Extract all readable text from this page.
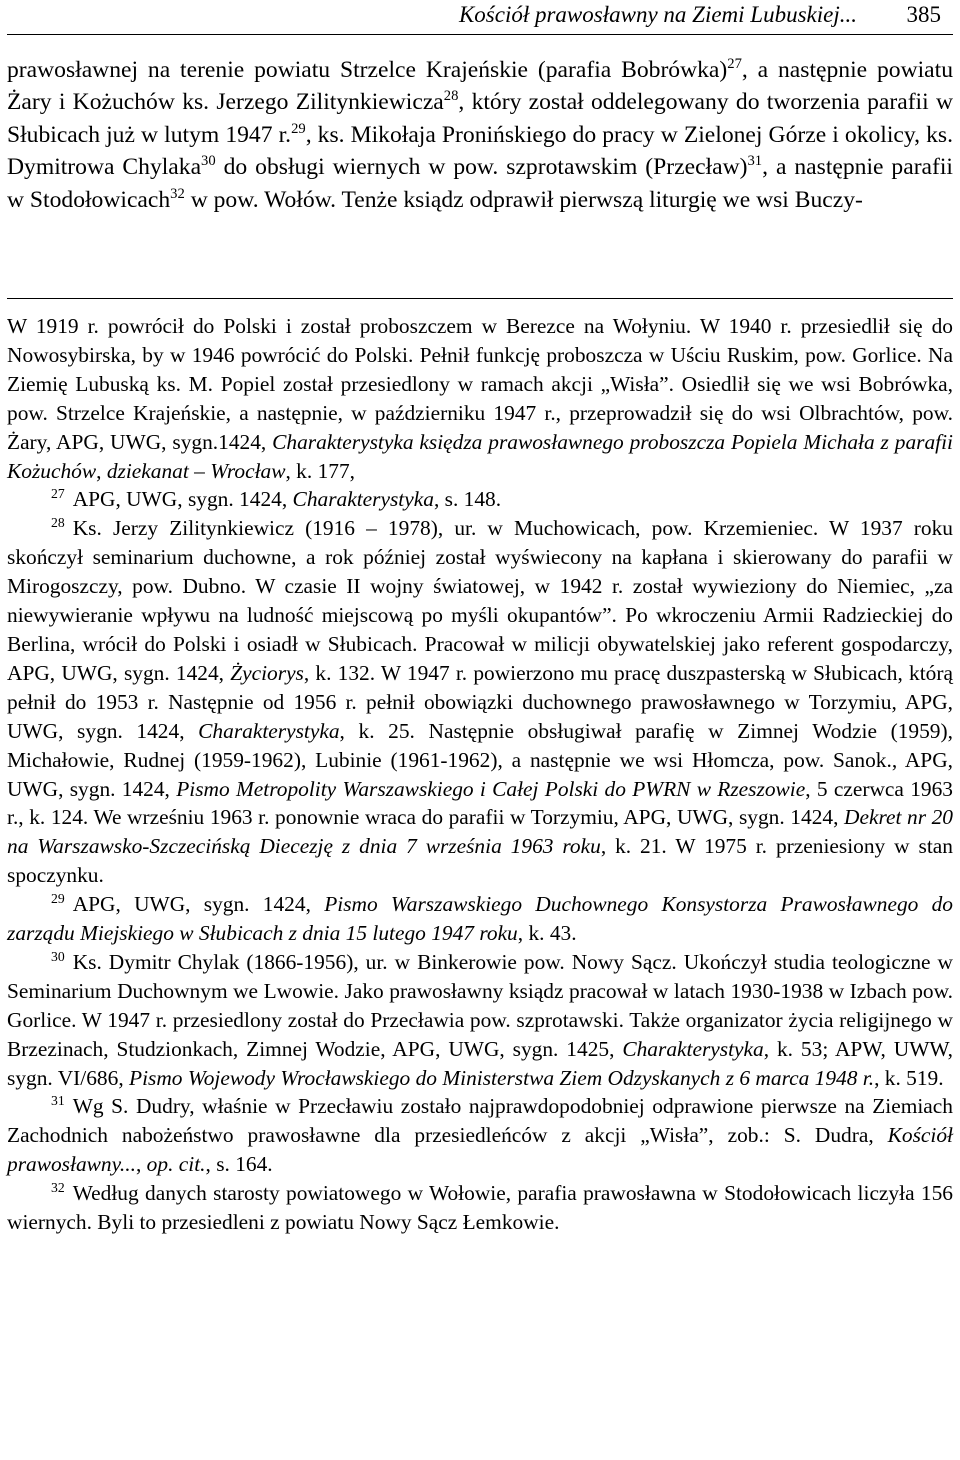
Kościół prawosławny na Ziemi Lubuskiej... 385
prawosławnej na terenie powiatu Strzelce Krajeńskie (parafia Bobrówka)$^{27}$, a następnie powiatu Żary i Kożuchów ks. Jerzego Zilitynkiewicza$^{28}$, który został oddelegowany do tworzenia parafii w Słubicach już w lutym 1947 r.$^{29}$, ks. Mikołaja Pronińskiego do pracy w Zielonej Górze i okolicy, ks. Dymitrowa Chylaka$^{30}$ do obsługi wiernych w pow. szprotawskim (Przecław)$^{31}$, a następnie parafii w Stodołowicach$^{32}$ w pow. Wołów. Tenże ksiądz odprawił pierwszą liturgię we wsi Buczy-

W 1919 r. powrócił do Polski i został proboszczem w Berezce na Wołyniu. W 1940 r. przesiedlił się do Nowosybirska, by w 1946 powrócić do Polski. Pełnił funkcję proboszcza w Uściu Ruskim, pow. Gorlice. Na Ziemię Lubuską ks. M. Popiel został przesiedlony w ramach akcji „Wisła”. Osiedlił się we wsi Bobrówka, pow. Strzelce Krajeńskie, a następnie, w październiku 1947 r., przeprowadził się do wsi Olbrachtów, pow. Żary, APG, UWG, sygn.1424, Charakterystyka księdza prawosławnego proboszcza Popiela Michała z parafii Kożuchów, dziekanat – Wrocław, k. 177,

$^{27}$ APG, UWG, sygn. 1424, Charakterystyka, s. 148.

$^{28}$ Ks. Jerzy Zilitynkiewicz (1916 – 1978), ur. w Muchowicach, pow. Krzemieniec. W 1937 roku skończył seminarium duchowne, a rok później został wyświecony na kapłana i skierowany do parafii w Mirogoszczy, pow. Dubno. W czasie II wojny światowej, w 1942 r. został wywieziony do Niemiec, „za niewywieranie wpływu na ludność miejscową po myśli okupantów”. Po wkroczeniu Armii Radzieckiej do Berlina, wrócił do Polski i osiadł w Słubicach. Pracował w milicji obywatelskiej jako referent gospodarczy, APG, UWG, sygn. 1424, Życiorys, k. 132. W 1947 r. powierzono mu pracę duszpasterską w Słubicach, którą pełnił do 1953 r. Następnie od 1956 r. pełnił obowiązki duchownego prawosławnego w Torzymiu, APG, UWG, sygn. 1424, Charakterystyka, k. 25. Następnie obsługiwał parafię w Zimnej Wodzie (1959), Michałowie, Rudnej (1959-1962), Lubinie (1961-1962), a następnie we wsi Hłomcza, pow. Sanok., APG, UWG, sygn. 1424, Pismo Metropolity Warszawskiego i Całej Polski do PWRN w Rzeszowie, 5 czerwca 1963 r., k. 124. We wrześniu 1963 r. ponownie wraca do parafii w Torzymiu, APG, UWG, sygn. 1424, Dekret nr 20 na Warszawsko-Szczecińską Diecezję z dnia 7 września 1963 roku, k. 21. W 1975 r. przeniesiony w stan spoczynku.

$^{29}$ APG, UWG, sygn. 1424, Pismo Warszawskiego Duchownego Konsystorza Prawosławnego do zarządu Miejskiego w Słubicach z dnia 15 lutego 1947 roku, k. 43.

$^{30}$ Ks. Dymitr Chylak (1866-1956), ur. w Binkerowie pow. Nowy Sącz. Ukończył studia teologiczne w Seminarium Duchownym we Lwowie. Jako prawosławny ksiądz pracował w latach 1930-1938 w Izbach pow. Gorlice. W 1947 r. przesiedlony został do Przecławia pow. szprotawski. Także organizator życia religijnego w Brzezinach, Studzionkach, Zimnej Wodzie, APG, UWG, sygn. 1425, Charakterystyka, k. 53; APW, UWW, sygn. VI/686, Pismo Wojewody Wrocławskiego do Ministerstwa Ziem Odzyskanych z 6 marca 1948 r., k. 519.

$^{31}$ Wg S. Dudry, właśnie w Przecławiu zostało najprawdopodobniej odprawione pierwsze na Ziemiach Zachodnich nabożeństwo prawosławne dla przesiedleńców z akcji „Wisła”, zob.: S. Dudra, Kościół prawosławny..., op. cit., s. 164.

$^{32}$ Według danych starosty powiatowego w Wołowie, parafia prawosławna w Stodołowicach liczyła 156 wiernych. Byli to przesiedleni z powiatu Nowy Sącz Łemkowie.
